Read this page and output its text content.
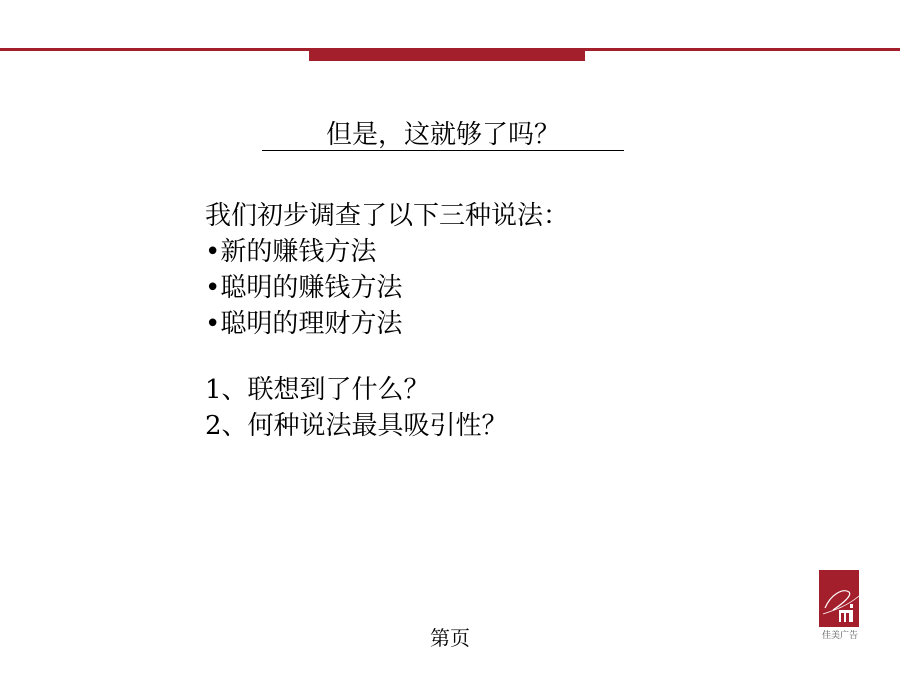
但是，这就够了吗？
我们初步调查了以下三种说法：
•新的赚钱方法
•聪明的赚钱方法
•聪明的理财方法
1、联想到了什么？
2、何种说法最具吸引性？
第页	佳美广告
